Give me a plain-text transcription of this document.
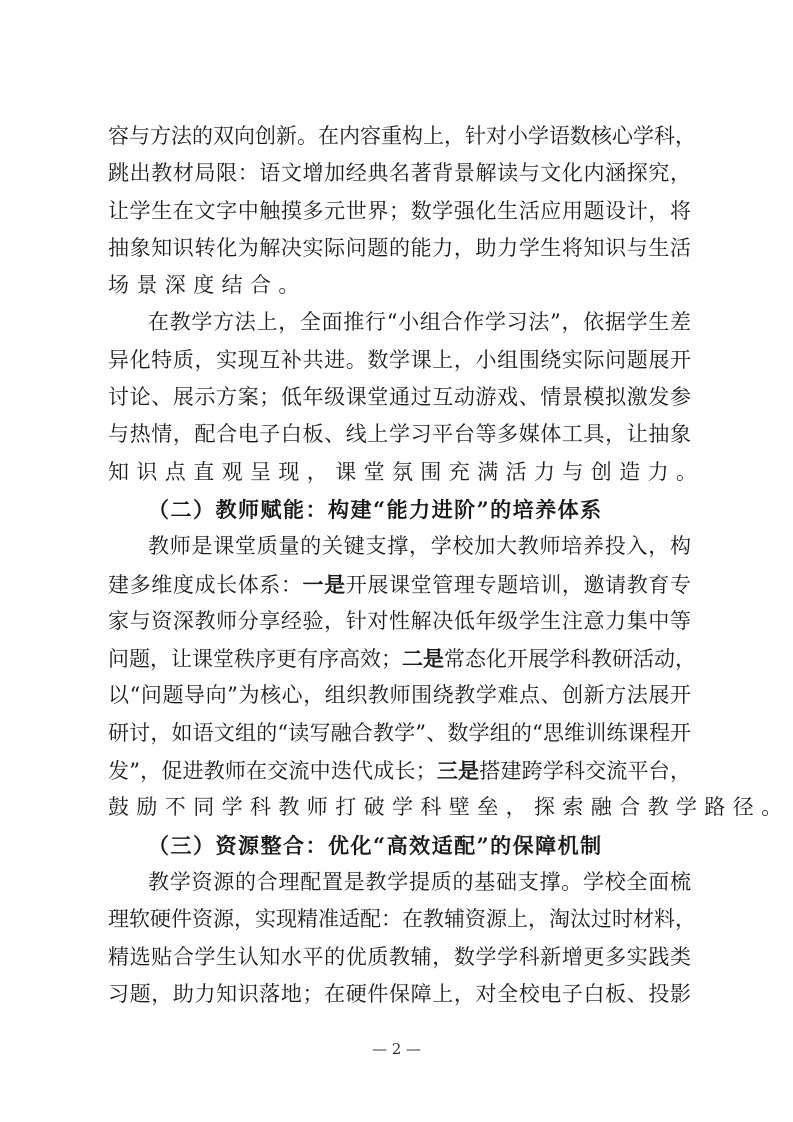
容与方法的双向创新。在内容重构上，针对小学语数核心学科，
跳出教材局限：语文增加经典名著背景解读与文化内涵探究，
让学生在文字中触摸多元世界；数学强化生活应用题设计，将
抽象知识转化为解决实际问题的能力，助力学生将知识与生活
场景深度结合。
在教学方法上，全面推行“小组合作学习法”，依据学生差
异化特质，实现互补共进。数学课上，小组围绕实际问题展开
讨论、展示方案；低年级课堂通过互动游戏、情景模拟激发参
与热情，配合电子白板、线上学习平台等多媒体工具，让抽象
知识点直观呈现，课堂氛围充满活力与创造力。
（二）教师赋能：构建“能力进阶”的培养体系
教师是课堂质量的关键支撑，学校加大教师培养投入，构
建多维度成长体系：一是开展课堂管理专题培训，邀请教育专
家与资深教师分享经验，针对性解决低年级学生注意力集中等
问题，让课堂秩序更有序高效；二是常态化开展学科教研活动，
以“问题导向”为核心，组织教师围绕教学难点、创新方法展开
研讨，如语文组的“读写融合教学”、数学组的“思维训练课程开
发”，促进教师在交流中迭代成长；三是搭建跨学科交流平台，
鼓励不同学科教师打破学科壁垒，探索融合教学路径。
（三）资源整合：优化“高效适配”的保障机制
教学资源的合理配置是教学提质的基础支撑。学校全面梳
理软硬件资源，实现精准适配：在教辅资源上，淘汰过时材料，
精选贴合学生认知水平的优质教辅，数学学科新增更多实践类
习题，助力知识落地；在硬件保障上，对全校电子白板、投影
— 2 —
